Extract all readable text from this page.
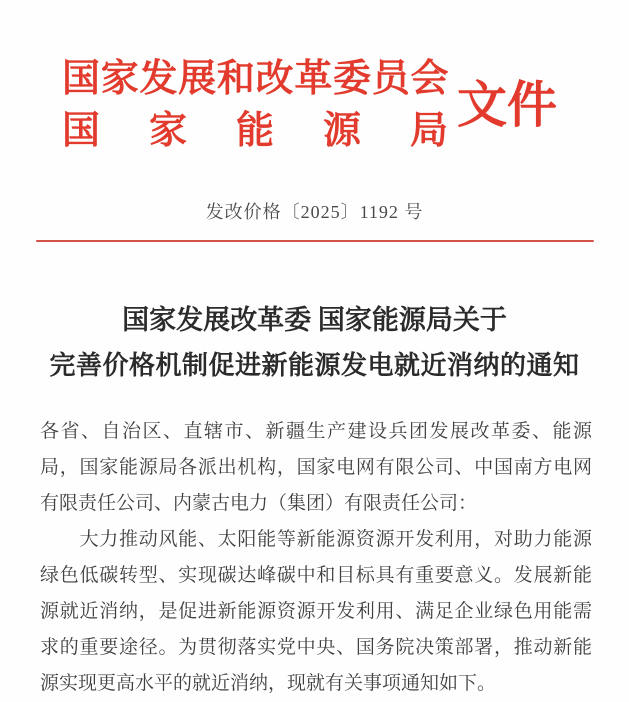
国家发展和改革委员会
国家能源局 文件
发改价格〔2025〕1192 号
国家发展改革委 国家能源局关于
完善价格机制促进新能源发电就近消纳的通知
各省、自治区、直辖市、新疆生产建设兵团发展改革委、能源
局，国家能源局各派出机构，国家电网有限公司、中国南方电网
有限责任公司、内蒙古电力（集团）有限责任公司：
　　大力推动风能、太阳能等新能源资源开发利用，对助力能源
绿色低碳转型、实现碳达峰碳中和目标具有重要意义。发展新能
源就近消纳，是促进新能源资源开发利用、满足企业绿色用能需
求的重要途径。为贯彻落实党中央、国务院决策部署，推动新能
源实现更高水平的就近消纳，现就有关事项通知如下。
